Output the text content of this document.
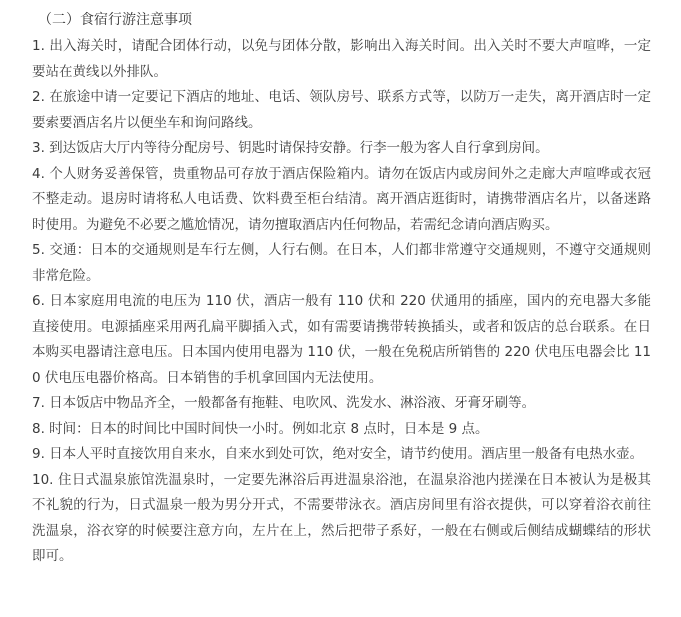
（二）食宿行游注意事项

1. 出入海关时，请配合团体行动，以免与团体分散，影响出入海关时间。出入关时不要大声喧哗，一定要站在黄线以外排队。

2. 在旅途中请一定要记下酒店的地址、电话、领队房号、联系方式等，以防万一走失，离开酒店时一定要索要酒店名片以便坐车和询问路线。

3. 到达饭店大厅内等待分配房号、钥匙时请保持安静。行李一般为客人自行拿到房间。

4. 个人财务妥善保管，贵重物品可存放于酒店保险箱内。请勿在饭店内或房间外之走廊大声喧哗或衣冠不整走动。退房时请将私人电话费、饮料费至柜台结清。离开酒店逛街时，请携带酒店名片，以备迷路时使用。为避免不必要之尴尬情况，请勿擅取酒店内任何物品，若需纪念请向酒店购买。

5. 交通：日本的交通规则是车行左侧，人行右侧。在日本，人们都非常遵守交通规则，不遵守交通规则非常危险。

6. 日本家庭用电流的电压为 110 伏，酒店一般有 110 伏和 220 伏通用的插座，国内的充电器大多能直接使用。电源插座采用两孔扁平脚插入式，如有需要请携带转换插头，或者和饭店的总台联系。在日本购买电器请注意电压。日本国内使用电器为 110 伏，一般在免税店所销售的 220 伏电压电器会比 110 伏电压电器价格高。日本销售的手机拿回国内无法使用。

7. 日本饭店中物品齐全，一般都备有拖鞋、电吹风、洗发水、淋浴液、牙膏牙刷等。

8. 时间：日本的时间比中国时间快一小时。例如北京 8 点时，日本是 9 点。

9. 日本人平时直接饮用自来水，自来水到处可饮，绝对安全，请节约使用。酒店里一般备有电热水壶。

10. 住日式温泉旅馆洗温泉时，一定要先淋浴后再进温泉浴池，在温泉浴池内搓澡在日本被认为是极其不礼貌的行为，日式温泉一般为男分开式，不需要带泳衣。酒店房间里有浴衣提供，可以穿着浴衣前往洗温泉，浴衣穿的时候要注意方向，左片在上，然后把带子系好，一般在右侧或后侧结成蝴蝶结的形状即可。
